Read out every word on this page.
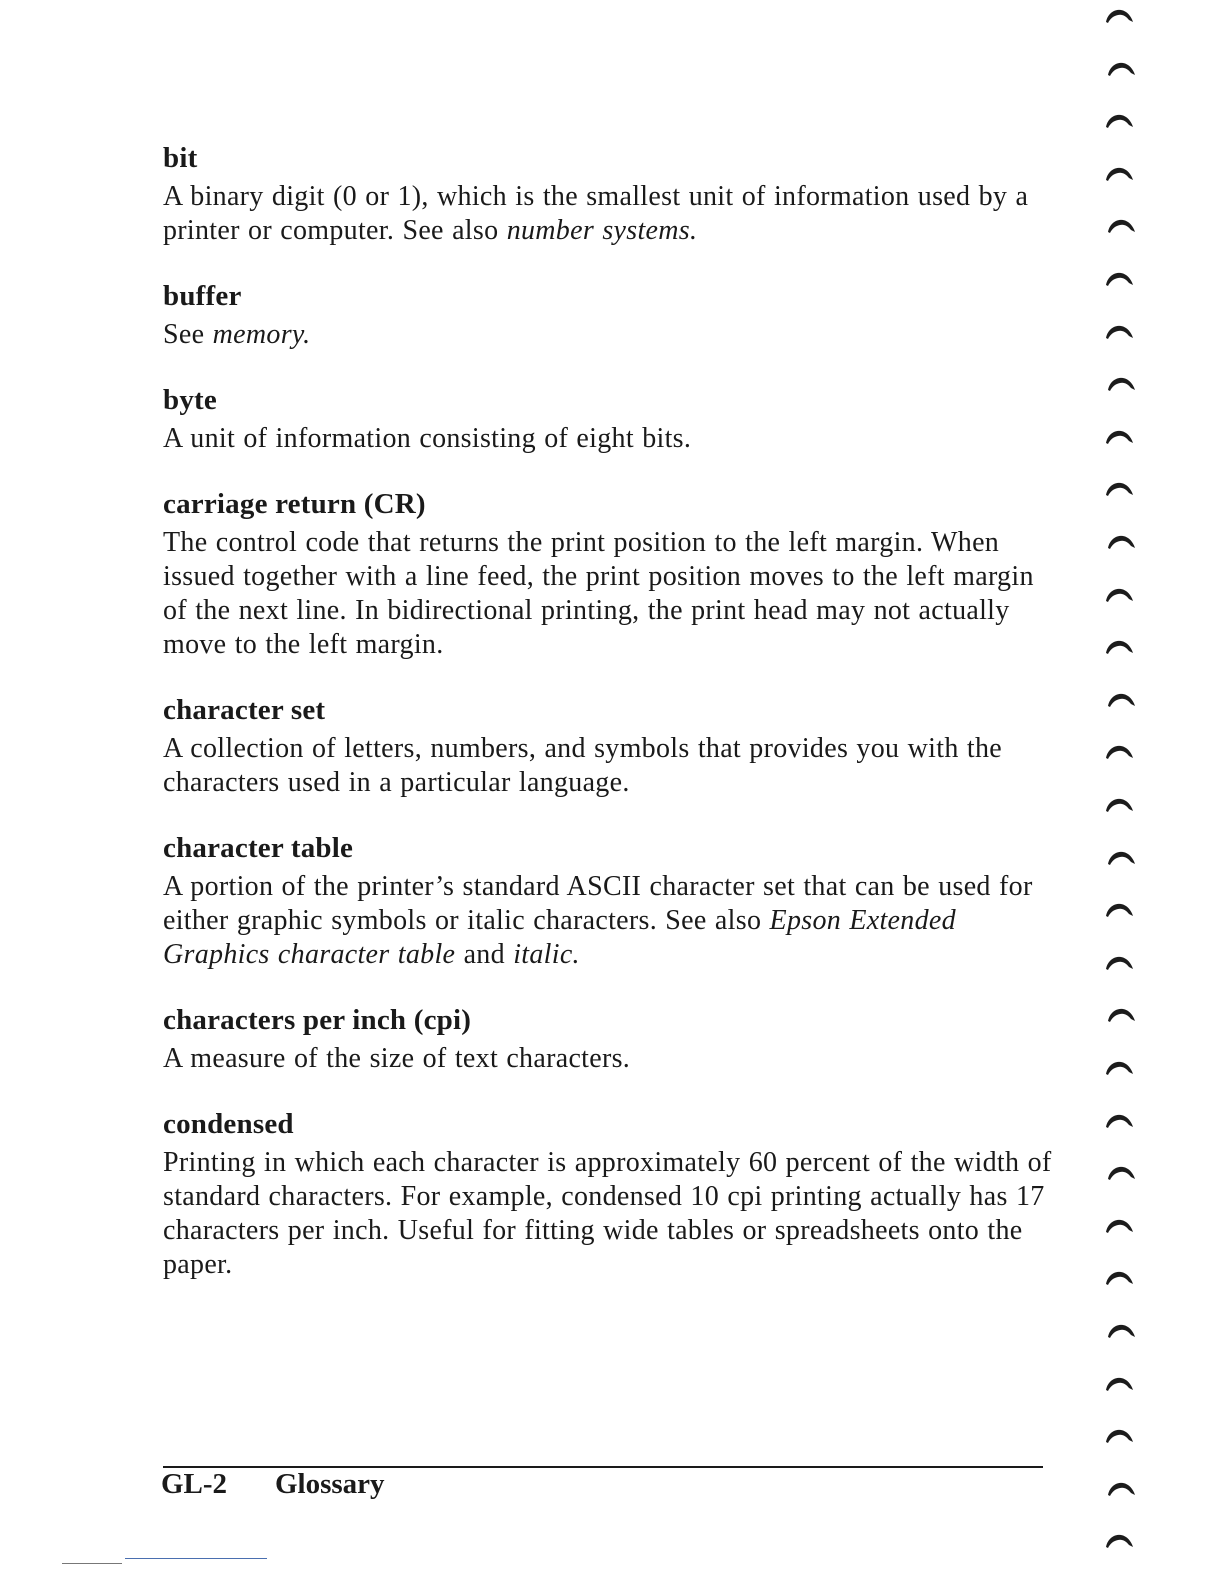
bit

A binary digit (0 or 1), which is the smallest unit of information used by a printer or computer. See also number systems.

buffer

See memory.

byte

A unit of information consisting of eight bits.

carriage return (CR)

The control code that returns the print position to the left margin. When issued together with a line feed, the print position moves to the left margin of the next line. In bidirectional printing, the print head may not actually move to the left margin.

character set

A collection of letters, numbers, and symbols that provides you with the characters used in a particular language.

character table

A portion of the printer’s standard ASCII character set that can be used for either graphic symbols or italic characters. See also Epson Extended Graphics character table and italic.

characters per inch (cpi)

A measure of the size of text characters.

condensed

Printing in which each character is approximately 60 percent of the width of standard characters. For example, condensed 10 cpi printing actually has 17 characters per inch. Useful for fitting wide tables or spreadsheets onto the paper.

GL-2 Glossary
